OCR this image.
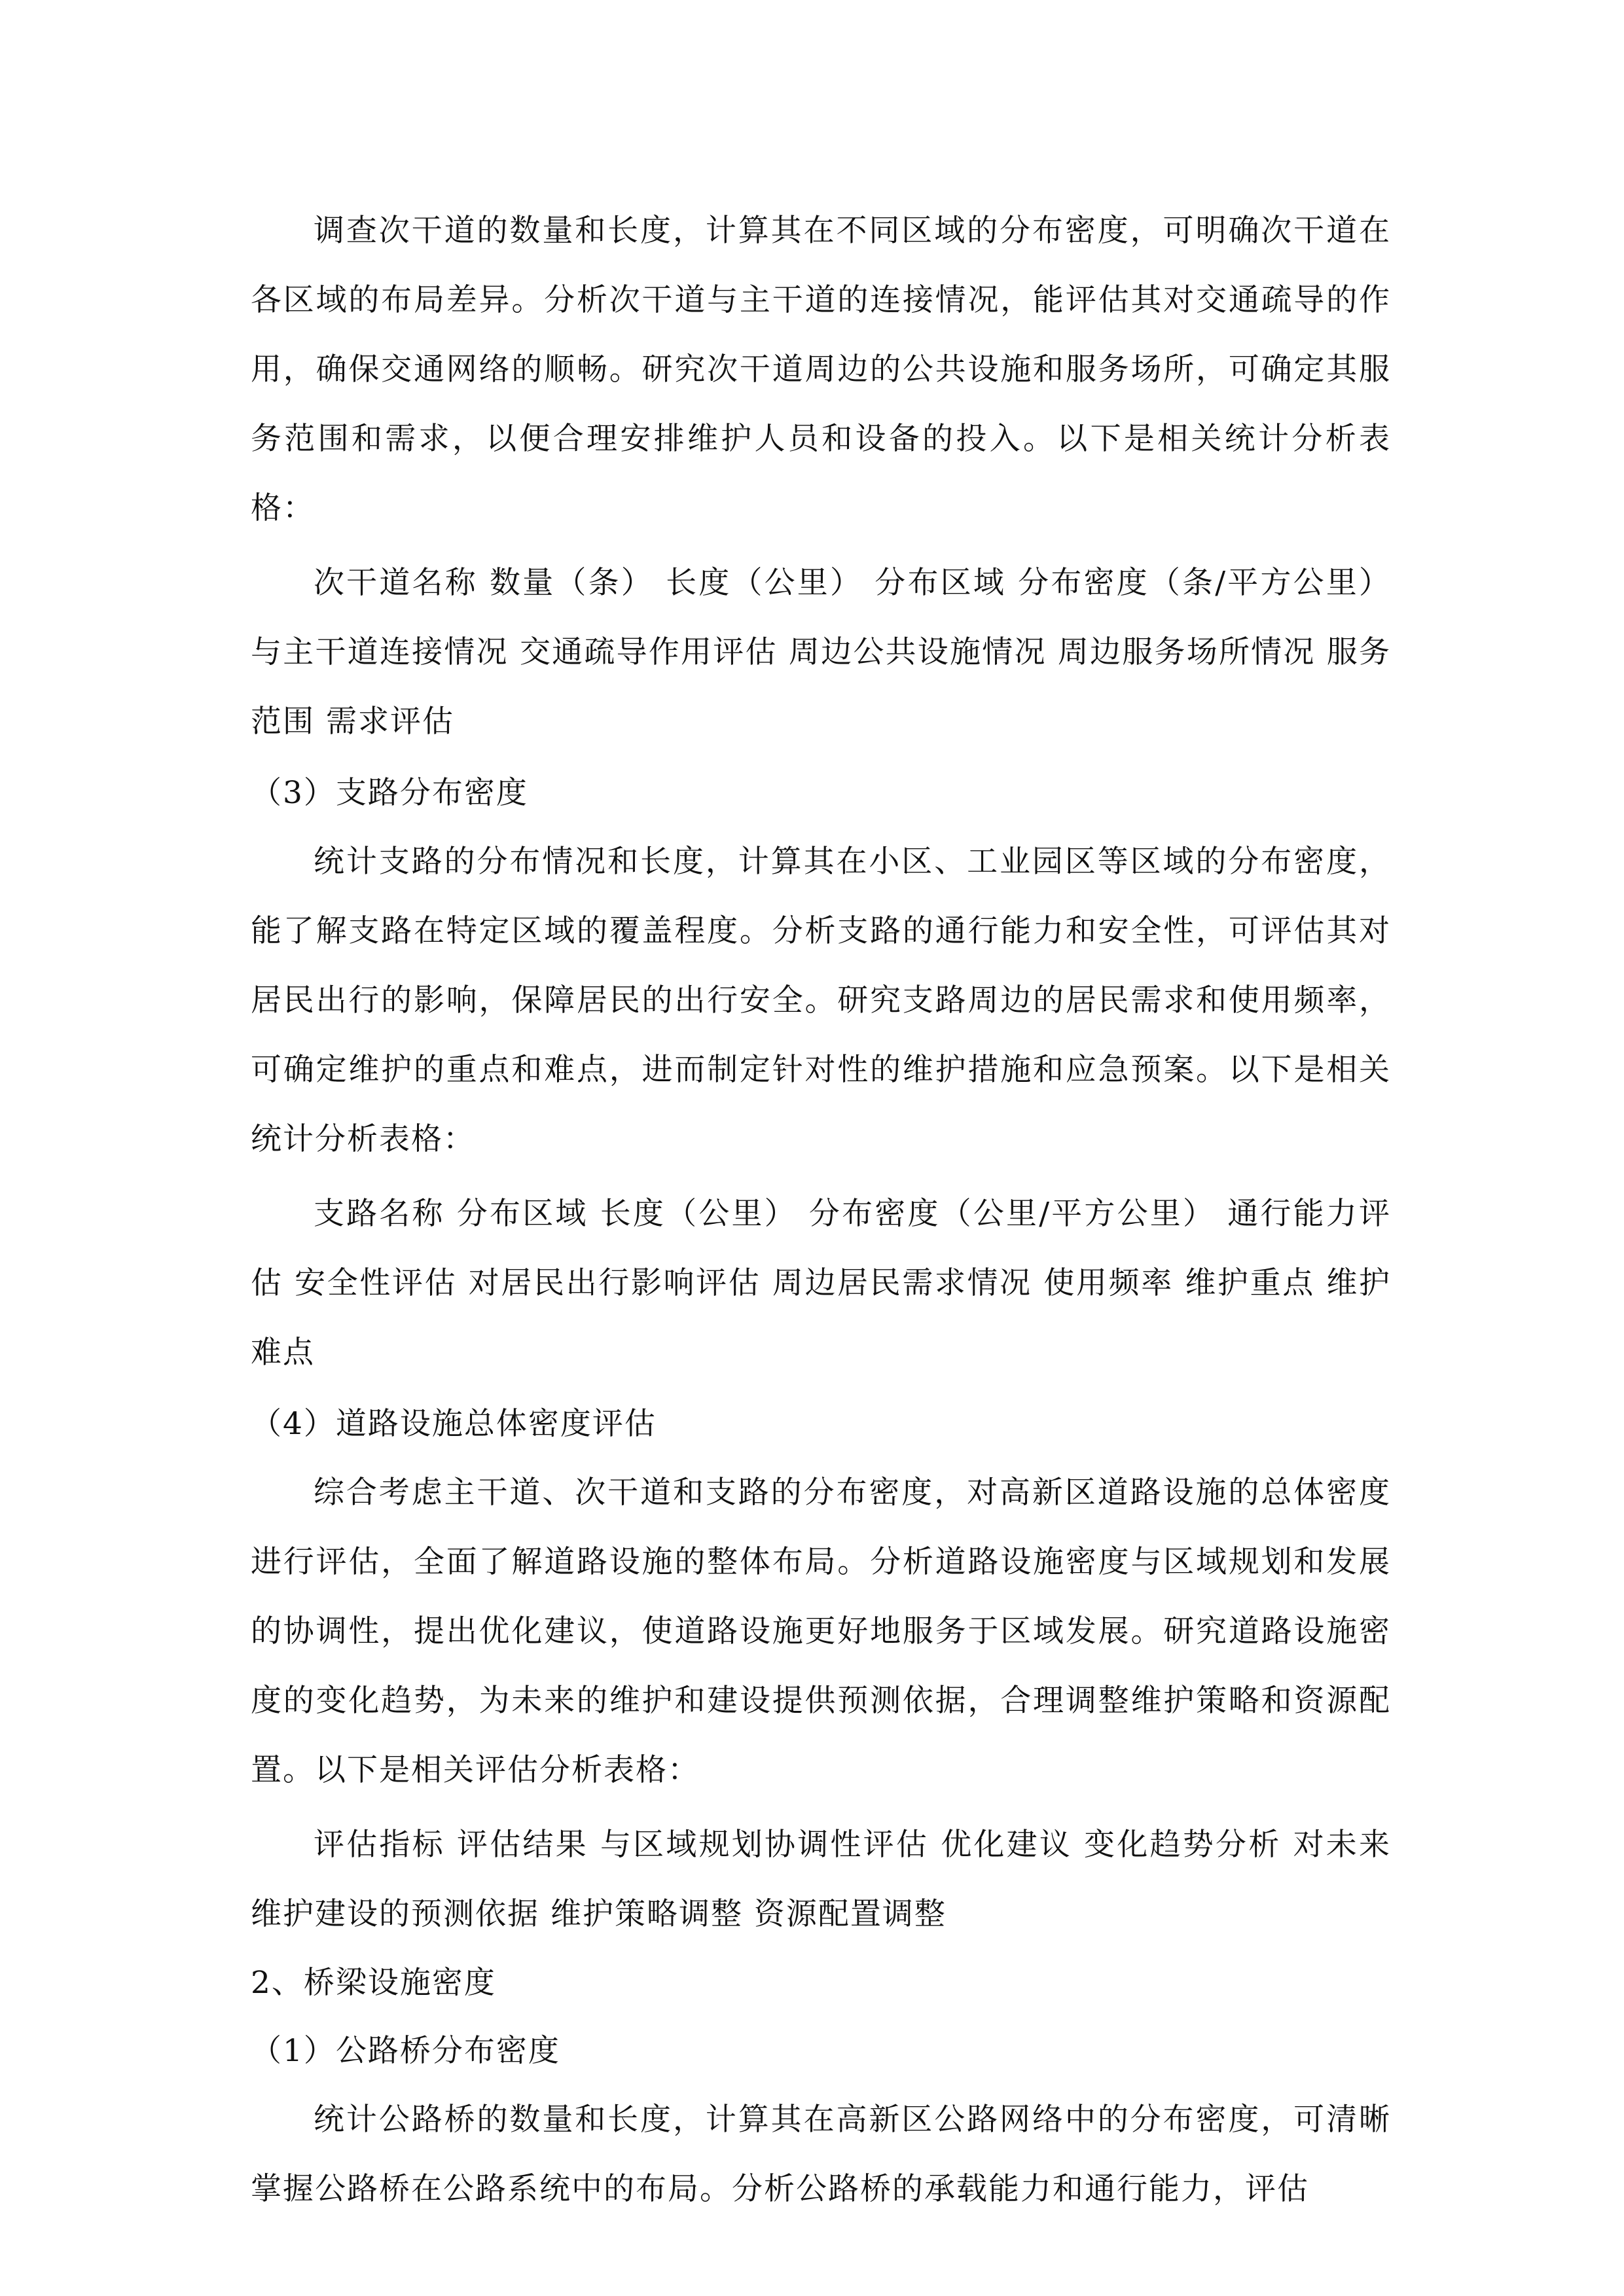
调查次干道的数量和长度，计算其在不同区域的分布密度，可明确次干道在各区域的布局差异。分析次干道与主干道的连接情况，能评估其对交通疏导的作用，确保交通网络的顺畅。研究次干道周边的公共设施和服务场所，可确定其服务范围和需求，以便合理安排维护人员和设备的投入。以下是相关统计分析表格：

次干道名称 数量（条） 长度（公里） 分布区域 分布密度（条/平方公里） 与主干道连接情况 交通疏导作用评估 周边公共设施情况 周边服务场所情况 服务范围 需求评估

（3）支路分布密度

统计支路的分布情况和长度，计算其在小区、工业园区等区域的分布密度，能了解支路在特定区域的覆盖程度。分析支路的通行能力和安全性，可评估其对居民出行的影响，保障居民的出行安全。研究支路周边的居民需求和使用频率，可确定维护的重点和难点，进而制定针对性的维护措施和应急预案。以下是相关统计分析表格：

支路名称 分布区域 长度（公里） 分布密度（公里/平方公里） 通行能力评估 安全性评估 对居民出行影响评估 周边居民需求情况 使用频率 维护重点 维护难点

（4）道路设施总体密度评估

综合考虑主干道、次干道和支路的分布密度，对高新区道路设施的总体密度进行评估，全面了解道路设施的整体布局。分析道路设施密度与区域规划和发展的协调性，提出优化建议，使道路设施更好地服务于区域发展。研究道路设施密度的变化趋势，为未来的维护和建设提供预测依据，合理调整维护策略和资源配置。以下是相关评估分析表格：

评估指标 评估结果 与区域规划协调性评估 优化建议 变化趋势分析 对未来维护建设的预测依据 维护策略调整 资源配置调整

2、桥梁设施密度

（1）公路桥分布密度

统计公路桥的数量和长度，计算其在高新区公路网络中的分布密度，可清晰掌握公路桥在公路系统中的布局。分析公路桥的承载能力和通行能力，评估
